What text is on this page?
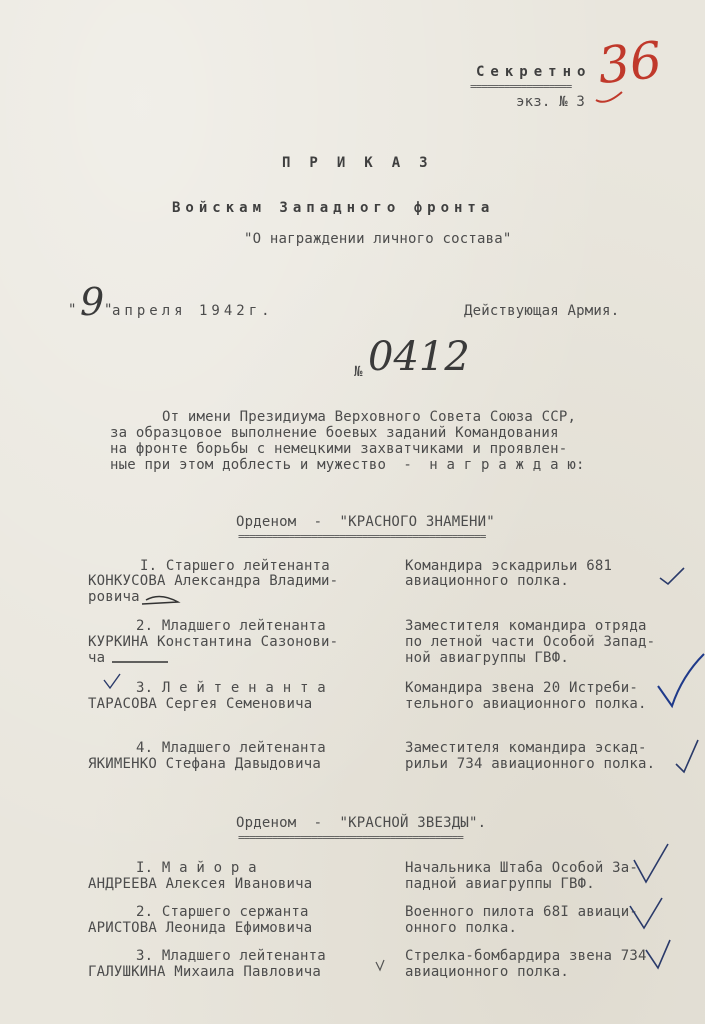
Секретно
==================
экз. № 3
36
ПРИКАЗ
Войскам Западного фронта
"О награждении личного состава"
" 9 апреля 1942г.
"	Действующая Армия.
№ 0412
От имени Президиума Верховного Совета Союза ССР,
за образцовое выполнение боевых заданий Командования
на фронте борьбы с немецкими захватчиками и проявлен-
ные при этом доблесть и мужество  -  н а г р а ж д а ю:
Орденом  -  "КРАСНОГО ЗНАМЕНИ"
============================================
I. Старшего лейтенанта
КОНКУСОВА Александра Владими-
ровича
Командира эскадрильи 681
авиационного полка.
2. Младшего лейтенанта
КУРКИНА Константина Сазонови-
ча
Заместителя командира отряда
по летной части Особой Запад-
ной авиагруппы ГВФ.
3. Л е й т е н а н т а
ТАРАСОВА Сергея Семеновича
Командира звена 20 Истреби-
тельного авиационного полка.
4. Младшего лейтенанта
ЯКИМЕНКО Стефана Давыдовича
Заместителя командира эскад-
рильи 734 авиационного полка.
Орденом  -  "КРАСНОЙ ЗВЕЗДЫ".
========================================
I. М а й о р а
АНДРЕЕВА Алексея Ивановича
Начальника Штаба Особой За-
падной авиагруппы ГВФ.
2. Старшего сержанта
АРИСТОВА Леонида Ефимовича
Военного пилота 68I авиаци-
онного полка.
3. Младшего лейтенанта
ГАЛУШКИНА Михаила Павловича
Стрелка-бомбардира звена 734
авиационного полка.
